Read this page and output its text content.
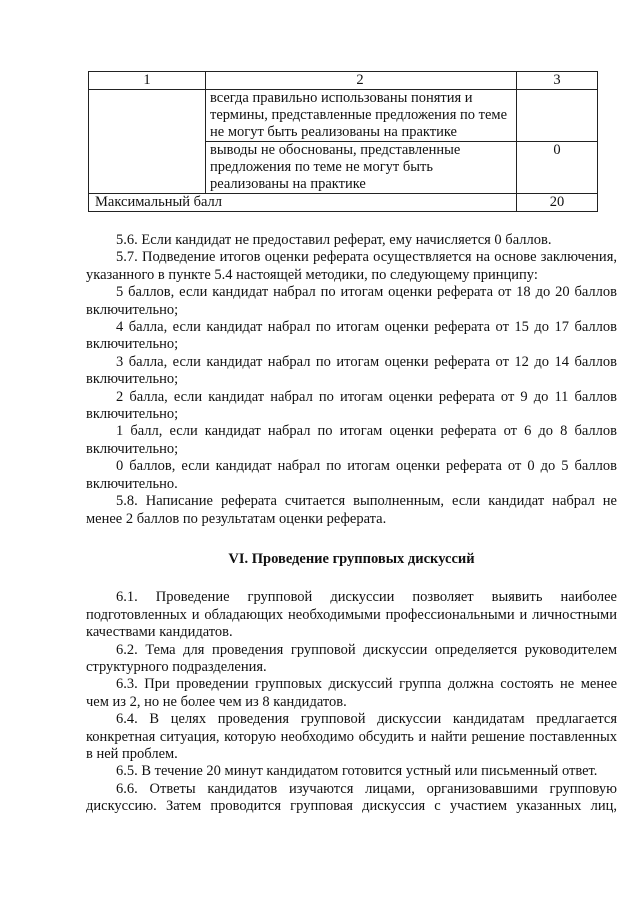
1	2	3
	всегда правильно использованы понятия и термины, представленные предложения по теме не могут быть реализованы на практике	
	выводы не обоснованы, представленные предложения по теме не могут быть реализованы на практике	0
Максимальный балл		20

5.6. Если кандидат не предоставил реферат, ему начисляется 0 баллов.

5.7. Подведение итогов оценки реферата осуществляется на основе заключения, указанного в пункте 5.4 настоящей методики, по следующему принципу:

5 баллов, если кандидат набрал по итогам оценки реферата от 18 до 20 баллов включительно;

4 балла, если кандидат набрал по итогам оценки реферата от 15 до 17 баллов включительно;

3 балла, если кандидат набрал по итогам оценки реферата от 12 до 14 баллов включительно;

2 балла, если кандидат набрал по итогам оценки реферата от 9 до 11 баллов включительно;

1 балл, если кандидат набрал по итогам оценки реферата от 6 до 8 баллов включительно;

0 баллов, если кандидат набрал по итогам оценки реферата от 0 до 5 баллов включительно.

5.8. Написание реферата считается выполненным, если кандидат набрал не менее 2 баллов по результатам оценки реферата.

VI. Проведение групповых дискуссий

6.1. Проведение групповой дискуссии позволяет выявить наиболее подготовленных и обладающих необходимыми профессиональными и личностными качествами кандидатов.

6.2. Тема для проведения групповой дискуссии определяется руководителем структурного подразделения.

6.3. При проведении групповых дискуссий группа должна состоять не менее чем из 2, но не более чем из 8 кандидатов.

6.4. В целях проведения групповой дискуссии кандидатам предлагается конкретная ситуация, которую необходимо обсудить и найти решение поставленных в ней проблем.

6.5. В течение 20 минут кандидатом готовится устный или письменный ответ.

6.6. Ответы кандидатов изучаются лицами, организовавшими групповую дискуссию. Затем проводится групповая дискуссия с участием указанных лиц,
